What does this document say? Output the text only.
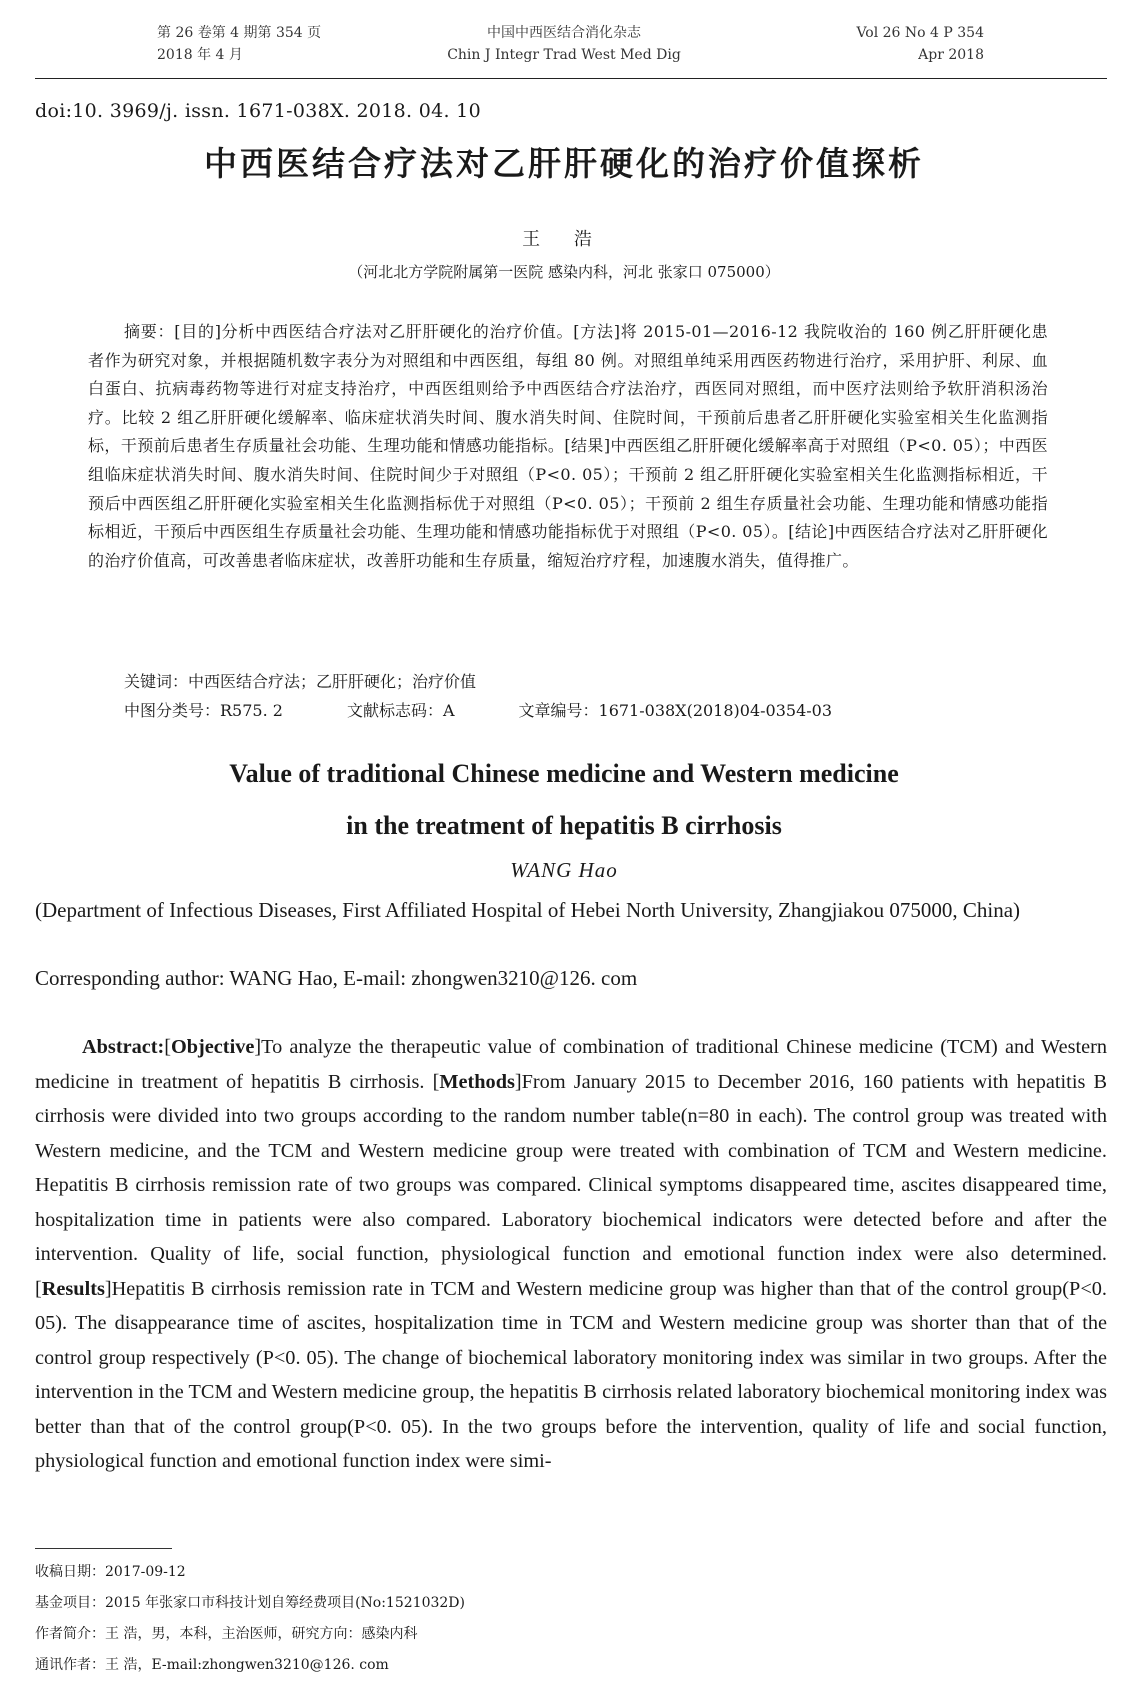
第 26 卷第 4 期第 354 页
2018 年 4 月
中国中西医结合消化杂志
Chin J Integr Trad West Med Dig
Vol 26 No 4 P 354
Apr 2018
doi:10. 3969/j. issn. 1671-038X. 2018. 04. 10
中西医结合疗法对乙肝肝硬化的治疗价值探析
王 浩
（河北北方学院附属第一医院 感染内科，河北 张家口 075000）
摘要：[目的]分析中西医结合疗法对乙肝肝硬化的治疗价值。[方法]将 2015-01—2016-12 我院收治的 160 例乙肝肝硬化患者作为研究对象，并根据随机数字表分为对照组和中西医组，每组 80 例。对照组单纯采用西医药物进行治疗，采用护肝、利尿、血白蛋白、抗病毒药物等进行对症支持治疗，中西医组则给予中西医结合疗法治疗，西医同对照组，而中医疗法则给予软肝消积汤治疗。比较 2 组乙肝肝硬化缓解率、临床症状消失时间、腹水消失时间、住院时间，干预前后患者乙肝肝硬化实验室相关生化监测指标，干预前后患者生存质量社会功能、生理功能和情感功能指标。[结果]中西医组乙肝肝硬化缓解率高于对照组（P<0. 05）；中西医组临床症状消失时间、腹水消失时间、住院时间少于对照组（P<0. 05）；干预前 2 组乙肝肝硬化实验室相关生化监测指标相近，干预后中西医组乙肝肝硬化实验室相关生化监测指标优于对照组（P<0. 05）；干预前 2 组生存质量社会功能、生理功能和情感功能指标相近，干预后中西医组生存质量社会功能、生理功能和情感功能指标优于对照组（P<0. 05）。[结论]中西医结合疗法对乙肝肝硬化的治疗价值高，可改善患者临床症状，改善肝功能和生存质量，缩短治疗疗程，加速腹水消失，值得推广。
关键词：中西医结合疗法；乙肝肝硬化；治疗价值
中图分类号：R575. 2	文献标志码：A	文章编号：1671-038X(2018)04-0354-03
Value of traditional Chinese medicine and Western medicine
in the treatment of hepatitis B cirrhosis
WANG Hao
(Department of Infectious Diseases, First Affiliated Hospital of Hebei North University, Zhangjiakou 075000, China)
Corresponding author: WANG Hao, E-mail: zhongwen3210@126. com
Abstract:[Objective]To analyze the therapeutic value of combination of traditional Chinese medicine (TCM) and Western medicine in treatment of hepatitis B cirrhosis. [Methods]From January 2015 to December 2016, 160 patients with hepatitis B cirrhosis were divided into two groups according to the random number table(n=80 in each). The control group was treated with Western medicine, and the TCM and Western medicine group were treated with combination of TCM and Western medicine. Hepatitis B cirrhosis remission rate of two groups was compared. Clinical symptoms disappeared time, ascites disappeared time, hospitalization time in patients were also compared. Laboratory biochemical indicators were detected before and after the intervention. Quality of life, social function, physiological function and emotional function index were also determined. [Results]Hepatitis B cirrhosis remission rate in TCM and Western medicine group was higher than that of the control group(P<0. 05). The disappearance time of ascites, hospitalization time in TCM and Western medicine group was shorter than that of the control group respectively (P<0. 05). The change of biochemical laboratory monitoring index was similar in two groups. After the intervention in the TCM and Western medicine group, the hepatitis B cirrhosis related laboratory biochemical monitoring index was better than that of the control group(P<0. 05). In the two groups before the intervention, quality of life and social function, physiological function and emotional function index were simi-
收稿日期：2017-09-12
基金项目：2015 年张家口市科技计划自筹经费项目(No:1521032D)
作者简介：王 浩，男，本科，主治医师，研究方向：感染内科
通讯作者：王 浩，E-mail:zhongwen3210@126. com
